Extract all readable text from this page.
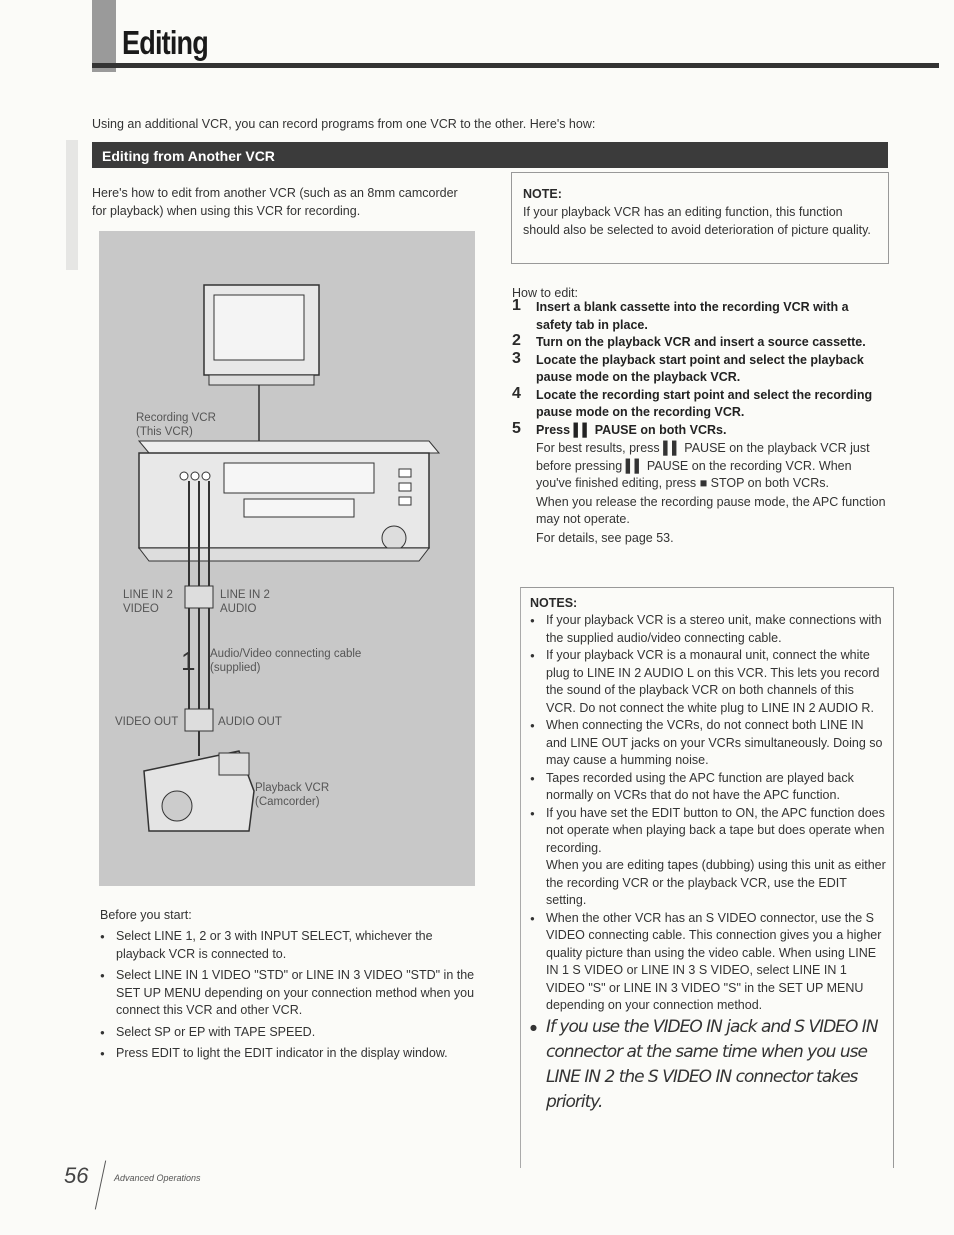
Editing
Using an additional VCR, you can record programs from one VCR to the other. Here's how:
Editing from Another VCR
Here's how to edit from another VCR (such as an 8mm camcorder for playback) when using this VCR for recording.
Recording VCR
(This VCR)
LINE IN 2
VIDEO
LINE IN 2
AUDIO
1 Audio/Video connecting cable
(supplied)
VIDEO OUT	AUDIO OUT
Playback VCR
(Camcorder)
Before you start:
● Select LINE 1, 2 or 3 with INPUT SELECT, whichever the playback VCR is connected to.
● Select LINE IN 1 VIDEO "STD" or LINE IN 3 VIDEO "STD" in the SET UP MENU depending on your connection method when you connect this VCR and other VCR.
● Select SP or EP with TAPE SPEED.
● Press EDIT to light the EDIT indicator in the display window.
NOTE:
If your playback VCR has an editing function, this function should also be selected to avoid deterioration of picture quality.
How to edit:
1 Insert a blank cassette into the recording VCR with a safety tab in place.
2 Turn on the playback VCR and insert a source cassette.
3 Locate the playback start point and select the playback pause mode on the playback VCR.
4 Locate the recording start point and select the recording pause mode on the recording VCR.
5 Press ▌▌ PAUSE on both VCRs.
For best results, press ▌▌ PAUSE on the playback VCR just before pressing ▌▌ PAUSE on the recording VCR. When you've finished editing, press ■ STOP on both VCRs.
When you release the recording pause mode, the APC function may not operate.
For details, see page 53.
NOTES:
● If your playback VCR is a stereo unit, make connections with the supplied audio/video connecting cable.
● If your playback VCR is a monaural unit, connect the white plug to LINE IN 2 AUDIO L on this VCR. This lets you record the sound of the playback VCR on both channels of this VCR. Do not connect the white plug to LINE IN 2 AUDIO R.
● When connecting the VCRs, do not connect both LINE IN and LINE OUT jacks on your VCRs simultaneously. Doing so may cause a humming noise.
● Tapes recorded using the APC function are played back normally on VCRs that do not have the APC function.
● If you have set the EDIT button to ON, the APC function does not operate when playing back a tape but does operate when recording.
When you are editing tapes (dubbing) using this unit as either the recording VCR or the playback VCR, use the EDIT setting.
● When the other VCR has an S VIDEO connector, use the S VIDEO connecting cable. This connection gives you a higher quality picture than using the video cable. When using LINE IN 1 S VIDEO or LINE IN 3 S VIDEO, select LINE IN 1 VIDEO "S" or LINE IN 3 VIDEO "S" in the SET UP MENU depending on your connection method.
● If you use the VIDEO IN jack and S VIDEO IN connector at the same time when you use LINE IN 2 the S VIDEO IN connector takes priority.
56	Advanced Operations
